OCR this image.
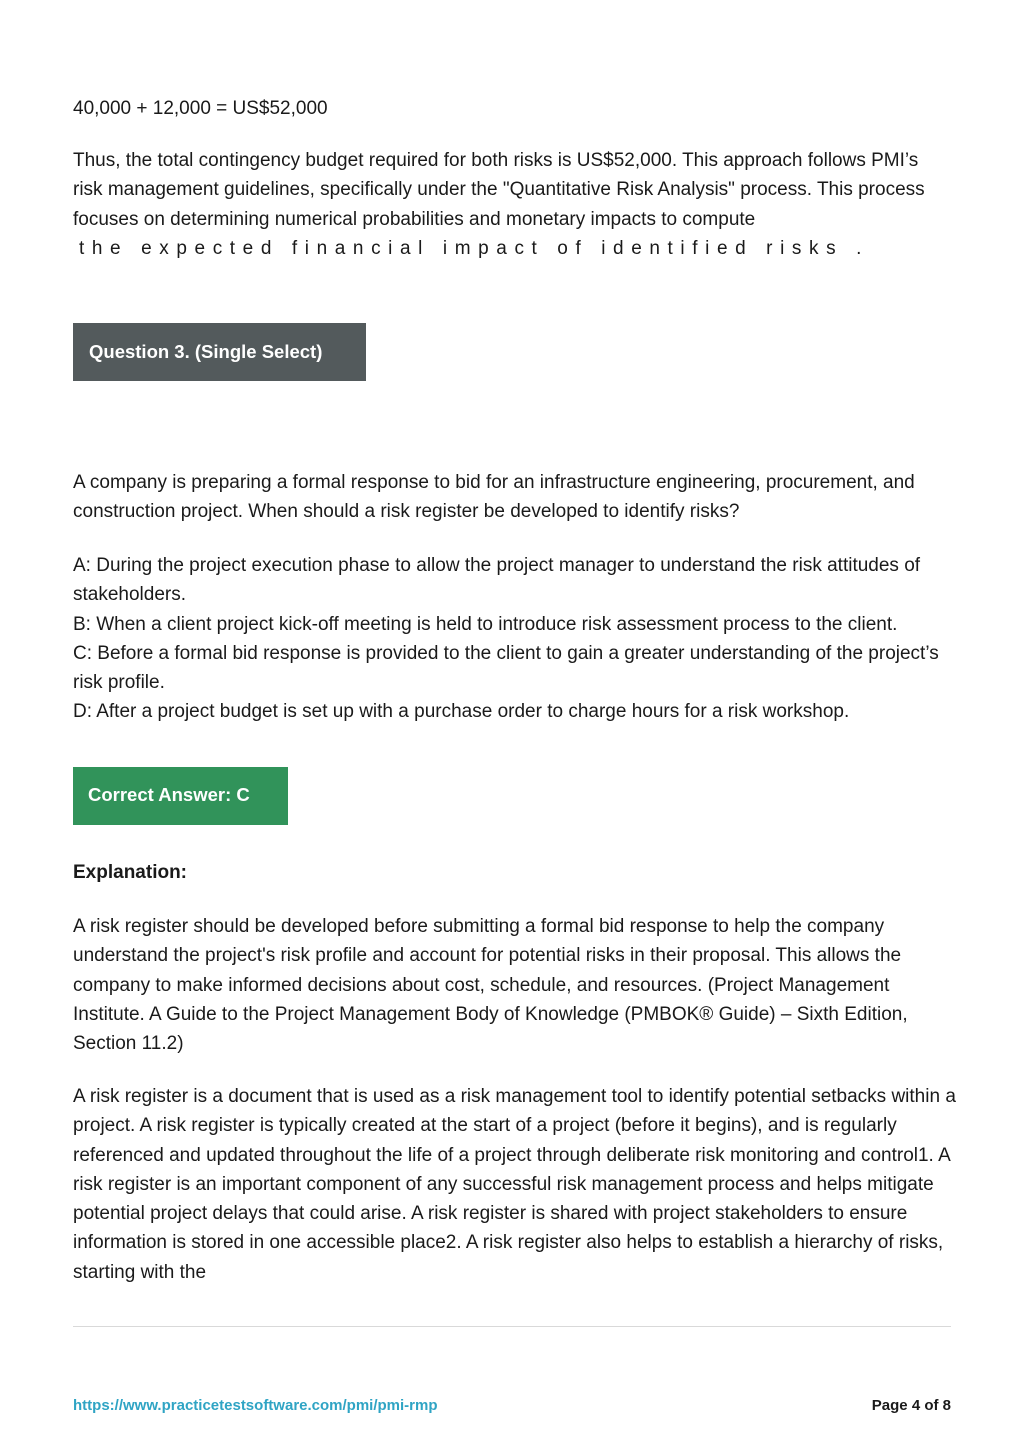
40,000 + 12,000 = US$52,000

Thus, the total contingency budget required for both risks is US$52,000. This approach follows PMI’s risk management guidelines, specifically under the "Quantitative Risk Analysis" process. This process focuses on determining numerical probabilities and monetary impacts to compute

the expected financial impact of identified risks .

Question 3. (Single Select)

A company is preparing a formal response to bid for an infrastructure engineering, procurement, and construction project. When should a risk register be developed to identify risks?

A: During the project execution phase to allow the project manager to understand the risk attitudes of stakeholders.

B: When a client project kick-off meeting is held to introduce risk assessment process to the client.

C: Before a formal bid response is provided to the client to gain a greater understanding of the project’s risk profile.

D: After a project budget is set up with a purchase order to charge hours for a risk workshop.

Correct Answer: C

Explanation:

A risk register should be developed before submitting a formal bid response to help the company understand the project's risk profile and account for potential risks in their proposal. This allows the company to make informed decisions about cost, schedule, and resources. (Project Management Institute. A Guide to the Project Management Body of Knowledge (PMBOK® Guide) – Sixth Edition, Section 11.2)

A risk register is a document that is used as a risk management tool to identify potential setbacks within a project. A risk register is typically created at the start of a project (before it begins), and is regularly referenced and updated throughout the life of a project through deliberate risk monitoring and control1. A risk register is an important component of any successful risk management process and helps mitigate potential project delays that could arise. A risk register is shared with project stakeholders to ensure information is stored in one accessible place2. A risk register also helps to establish a hierarchy of risks, starting with the

https://www.practicetestsoftware.com/pmi/pmi-rmp	Page 4 of 8
